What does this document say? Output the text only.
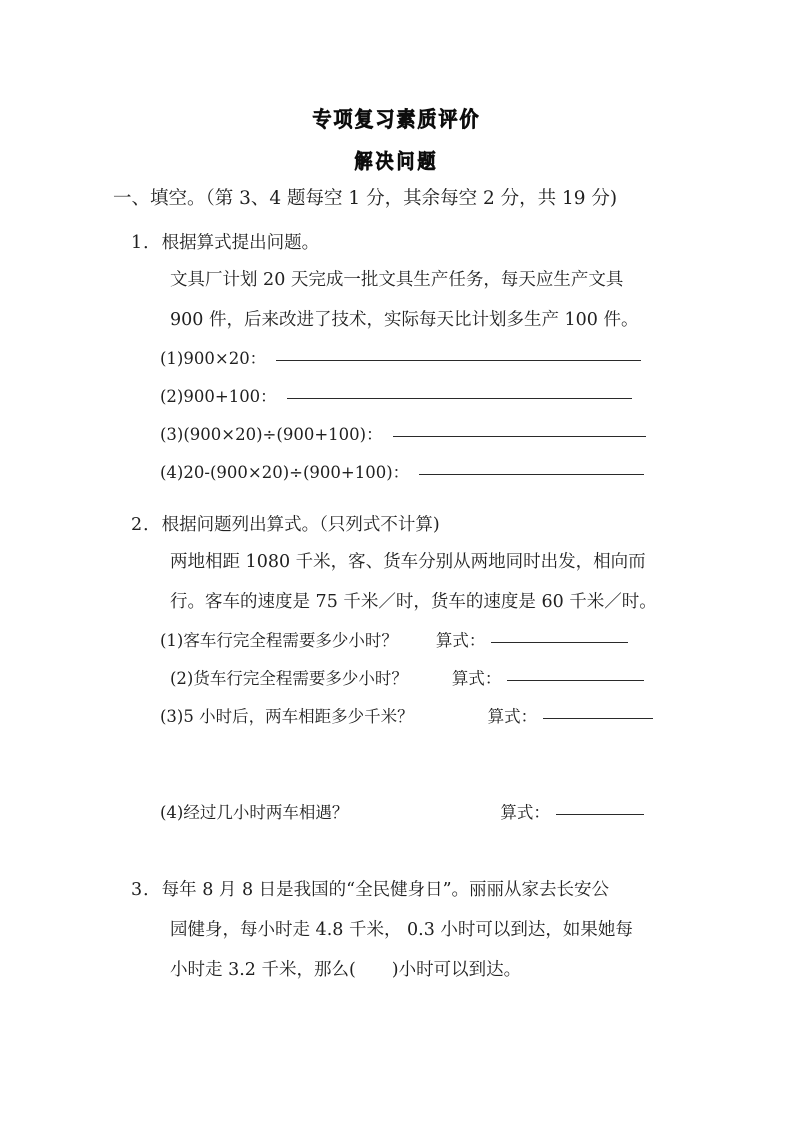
专项复习素质评价
解决问题
一、填空。（第 3、4 题每空 1 分，其余每空 2 分，共 19 分)
1．根据算式提出问题。
文具厂计划 20 天完成一批文具生产任务，每天应生产文具
900 件，后来改进了技术，实际每天比计划多生产 100 件。
(1)900×20：
(2)900+100：
(3)(900×20)÷(900+100)：
(4)20-(900×20)÷(900+100)：
2．根据问题列出算式。（只列式不计算)
两地相距 1080 千米，客、货车分别从两地同时出发，相向而
行。客车的速度是 75 千米／时，货车的速度是 60 千米／时。
(1)客车行完全程需要多少小时？ 算式：
(2)货车行完全程需要多少小时？	算式：
(3)5 小时后，两车相距多少千米？	算式：
(4)经过几小时两车相遇？	算式：
3．每年 8 月 8 日是我国的“全民健身日”。丽丽从家去长安公
园健身，每小时走 4.8 千米， 0.3 小时可以到达，如果她每
小时走 3.2 千米，那么( )小时可以到达。
